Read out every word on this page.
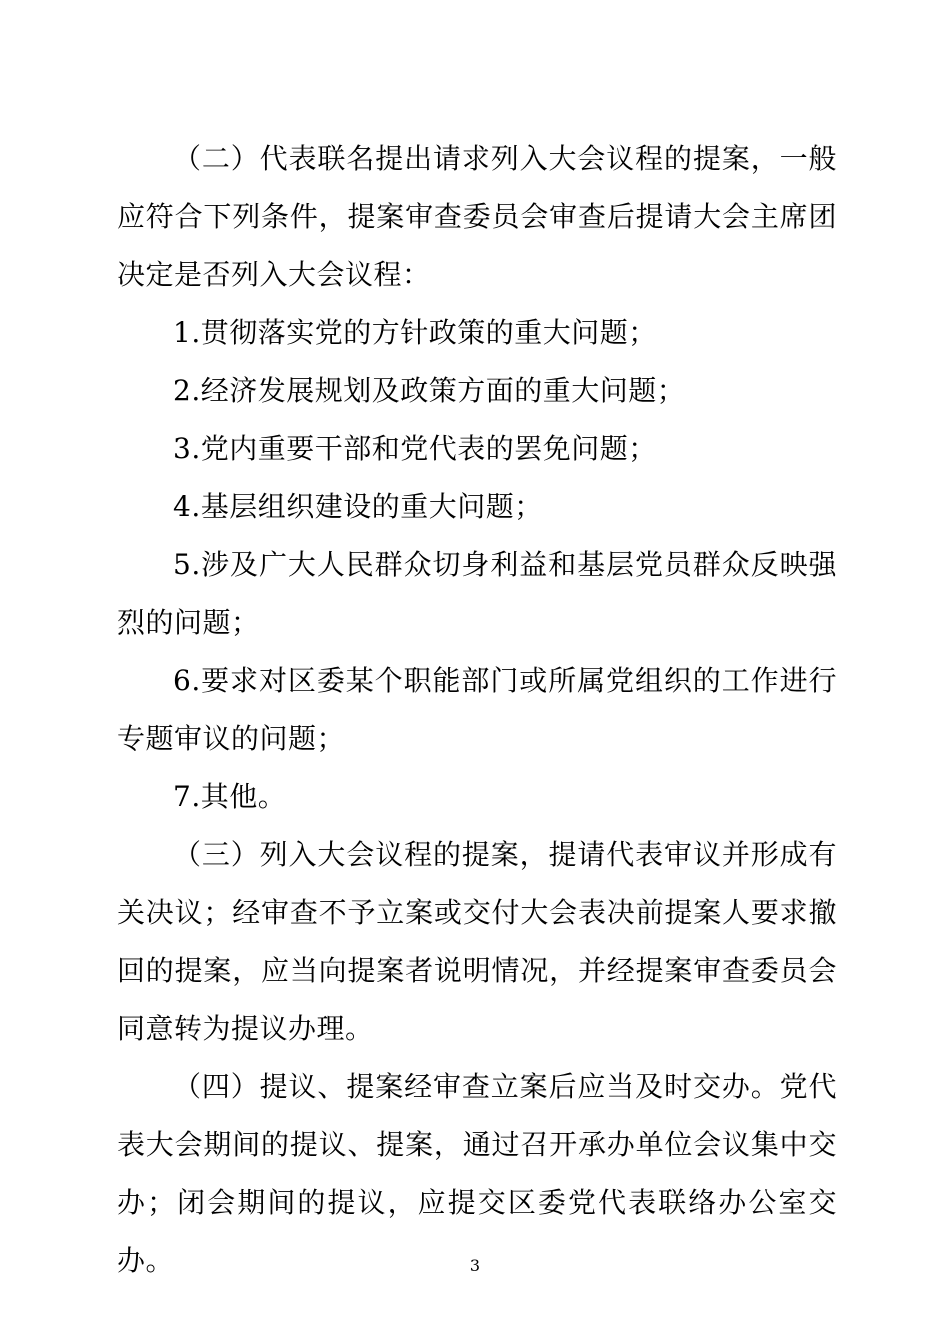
（二）代表联名提出请求列入大会议程的提案，一般应符合下列条件，提案审查委员会审查后提请大会主席团决定是否列入大会议程：

1.贯彻落实党的方针政策的重大问题；

2.经济发展规划及政策方面的重大问题；

3.党内重要干部和党代表的罢免问题；

4.基层组织建设的重大问题；

5.涉及广大人民群众切身利益和基层党员群众反映强烈的问题；

6.要求对区委某个职能部门或所属党组织的工作进行专题审议的问题；

7.其他。

（三）列入大会议程的提案，提请代表审议并形成有关决议；经审查不予立案或交付大会表决前提案人要求撤回的提案，应当向提案者说明情况，并经提案审查委员会同意转为提议办理。

（四）提议、提案经审查立案后应当及时交办。党代表大会期间的提议、提案，通过召开承办单位会议集中交办；闭会期间的提议，应提交区委党代表联络办公室交办。	3
